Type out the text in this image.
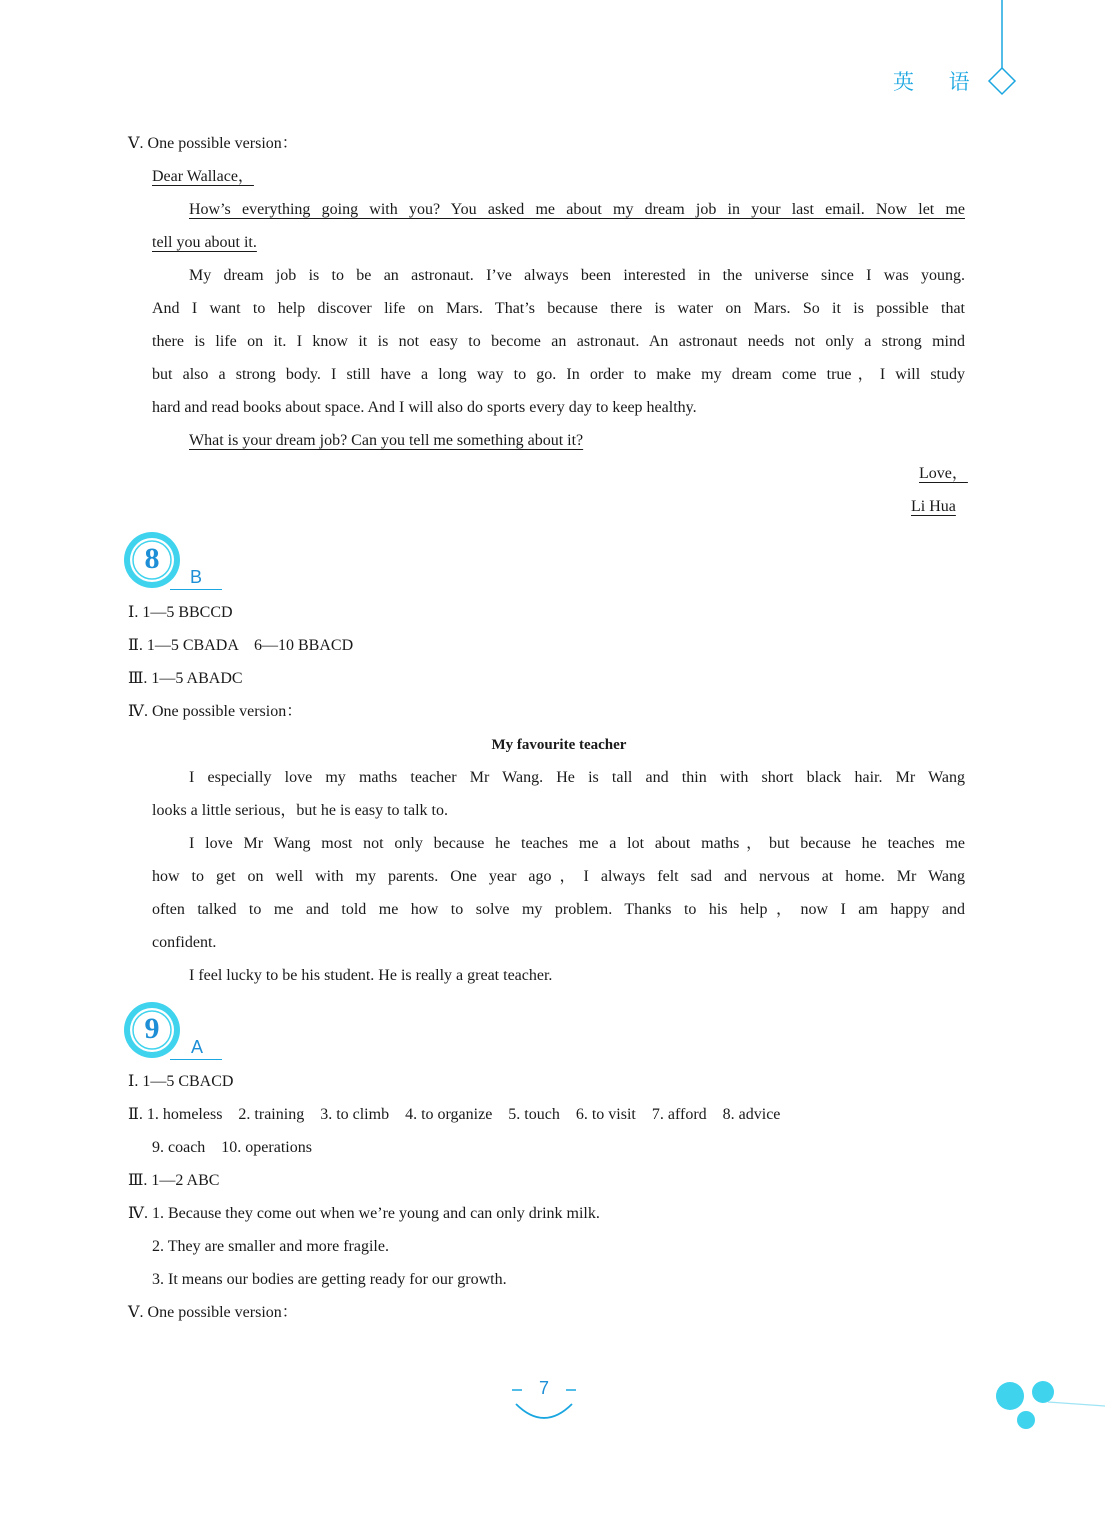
英 语
Ⅴ. One possible version：
Dear Wallace，
How’s everything going with you? You asked me about my dream job in your last email. Now let me
tell you about it.
My dream job is to be an astronaut. I’ve always been interested in the universe since I was young.
And I want to help discover life on Mars. That’s because there is water on Mars. So it is possible that
there is life on it. I know it is not easy to become an astronaut. An astronaut needs not only a strong mind
but also a strong body. I still have a long way to go. In order to make my dream come true，I will study
hard and read books about space. And I will also do sports every day to keep healthy.
What is your dream job? Can you tell me something about it?
Love，
Li Hua
8
B
Ⅰ. 1—5 BBCCD
Ⅱ. 1—5 CBADA　6—10 BBACD
Ⅲ. 1—5 ABADC
Ⅳ. One possible version：
My favourite teacher
I especially love my maths teacher Mr Wang. He is tall and thin with short black hair. Mr Wang
looks a little serious，but he is easy to talk to.
I love Mr Wang most not only because he teaches me a lot about maths，but because he teaches me
how to get on well with my parents. One year ago，I always felt sad and nervous at home. Mr Wang
often talked to me and told me how to solve my problem. Thanks to his help，now I am happy and
confident.
I feel lucky to be his student. He is really a great teacher.
9
A
Ⅰ. 1—5 CBACD
Ⅱ. 1. homeless　2. training　3. to climb　4. to organize　5. touch　6. to visit　7. afford　8. advice
9. coach　10. operations
Ⅲ. 1—2 ABC
Ⅳ. 1. Because they come out when we’re young and can only drink milk.
2. They are smaller and more fragile.
3. It means our bodies are getting ready for our growth.
Ⅴ. One possible version：
7
